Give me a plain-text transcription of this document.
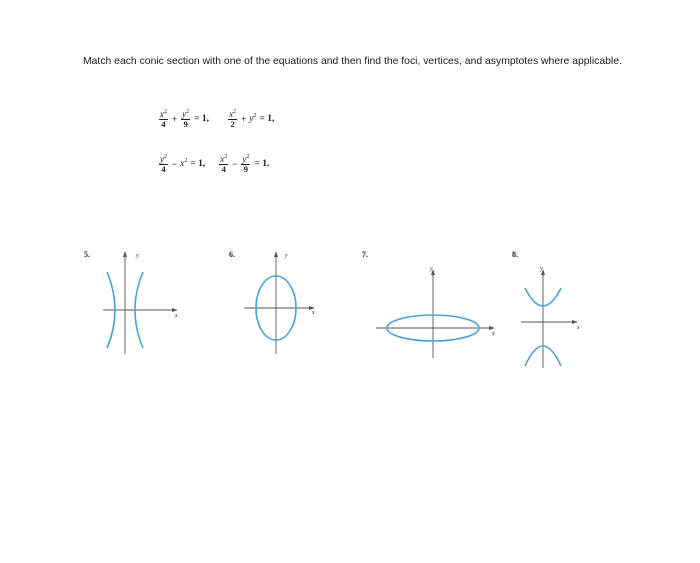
Match each conic section with one of the equations and then find the foci, vertices, and asymptotes where applicable.

$\frac{x^2}{4} + \frac{y^2}{9} = 1$, $\frac{x^2}{2} + y^2 = 1$,
$\frac{y^2}{4} - x^2 = 1$, $\frac{x^2}{4} - \frac{y^2}{9} = 1$.
5.	y
x
6.	y
x
7.
y
x
8.
y
x
